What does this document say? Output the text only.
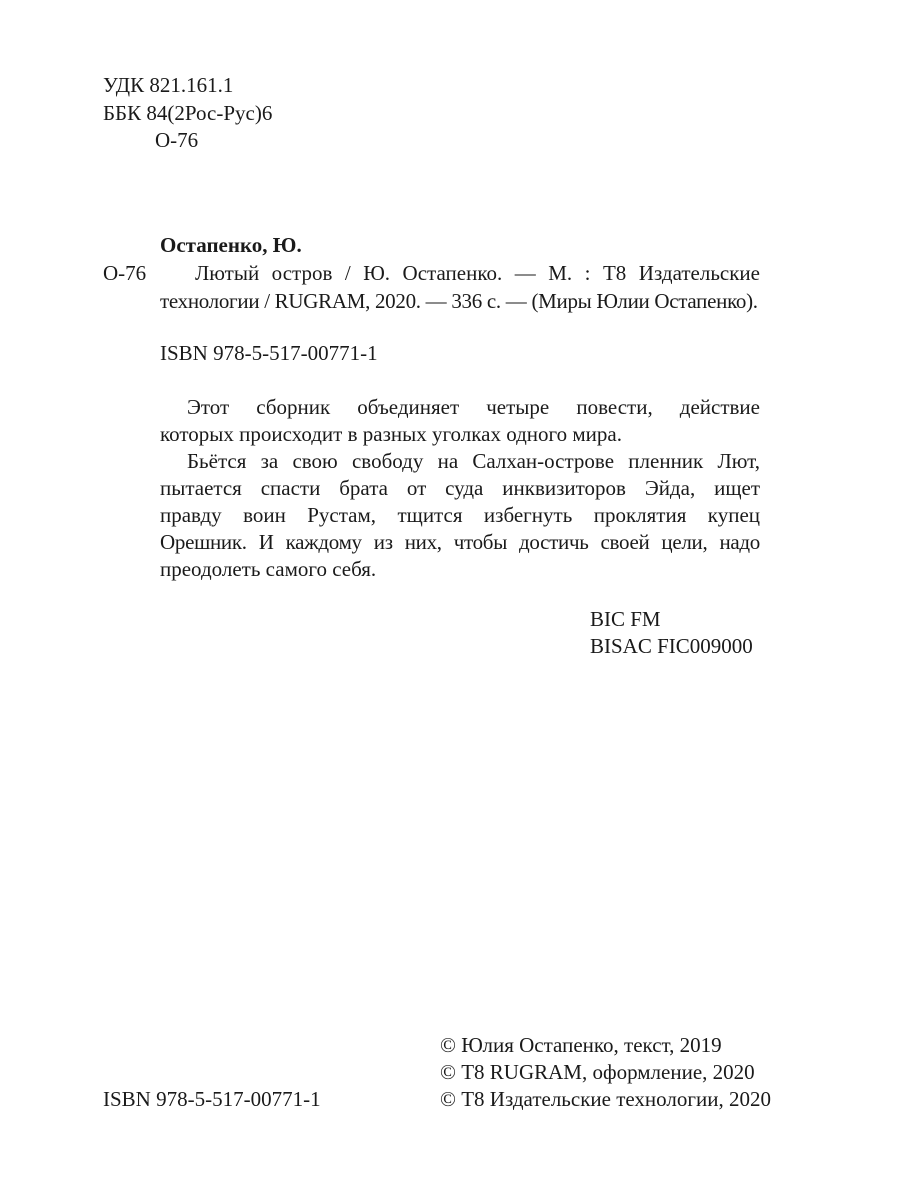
УДК 821.161.1
ББК 84(2Рос-Рус)6
О-76
Остапенко, Ю.
О-76 Лютый остров / Ю. Остапенко. — М. : Т8 Издательские
технологии / RUGRAM, 2020. — 336 с. — (Миры Юлии Остапенко).
ISBN 978-5-517-00771-1
Этот сборник объединяет четыре повести, действие
которых происходит в разных уголках одного мира.
Бьётся за свою свободу на Салхан-острове пленник Лют,
пытается спасти брата от суда инквизиторов Эйда, ищет
правду воин Рустам, тщится избегнуть проклятия купец
Орешник. И каждому из них, чтобы достичь своей цели, надо
преодолеть самого себя.
BIC FM
BISAC FIC009000
© Юлия Остапенко, текст, 2019
© Т8 RUGRAM, оформление, 2020
© Т8 Издательские технологии, 2020
ISBN 978-5-517-00771-1
